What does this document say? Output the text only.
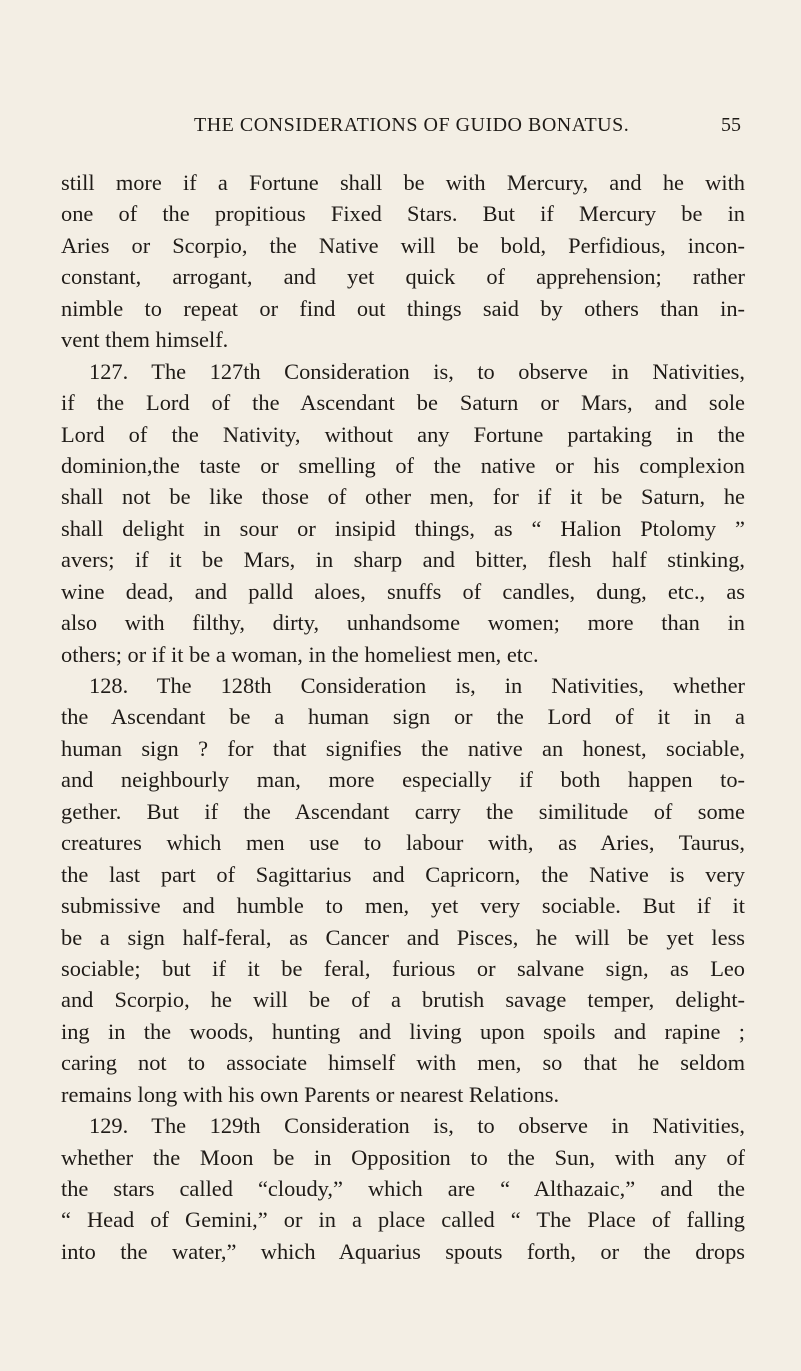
THE CONSIDERATIONS OF GUIDO BONATUS.	55
still more if a Fortune shall be with Mercury, and he with
one of the propitious Fixed Stars. But if Mercury be in
Aries or Scorpio, the Native will be bold, Perfidious, incon-
constant, arrogant, and yet quick of apprehension; rather
nimble to repeat or find out things said by others than in-
vent them himself.
127. The 127th Consideration is, to observe in Nativities,
if the Lord of the Ascendant be Saturn or Mars, and sole
Lord of the Nativity, without any Fortune partaking in the
dominion,the taste or smelling of the native or his complexion
shall not be like those of other men, for if it be Saturn, he
shall delight in sour or insipid things, as “ Halion Ptolomy ”
avers; if it be Mars, in sharp and bitter, flesh half stinking,
wine dead, and palld aloes, snuffs of candles, dung, etc., as
also with filthy, dirty, unhandsome women; more than in
others; or if it be a woman, in the homeliest men, etc.
128. The 128th Consideration is, in Nativities, whether
the Ascendant be a human sign or the Lord of it in a
human sign ? for that signifies the native an honest, sociable,
and neighbourly man, more especially if both happen to-
gether. But if the Ascendant carry the similitude of some
creatures which men use to labour with, as Aries, Taurus,
the last part of Sagittarius and Capricorn, the Native is very
submissive and humble to men, yet very sociable. But if it
be a sign half-feral, as Cancer and Pisces, he will be yet less
sociable; but if it be feral, furious or salvane sign, as Leo
and Scorpio, he will be of a brutish savage temper, delight-
ing in the woods, hunting and living upon spoils and rapine ;
caring not to associate himself with men, so that he seldom
remains long with his own Parents or nearest Relations.
129. The 129th Consideration is, to observe in Nativities,
whether the Moon be in Opposition to the Sun, with any of
the stars called “cloudy,” which are “ Althazaic,” and the
“ Head of Gemini,” or in a place called “ The Place of falling
into the water,” which Aquarius spouts forth, or the drops
